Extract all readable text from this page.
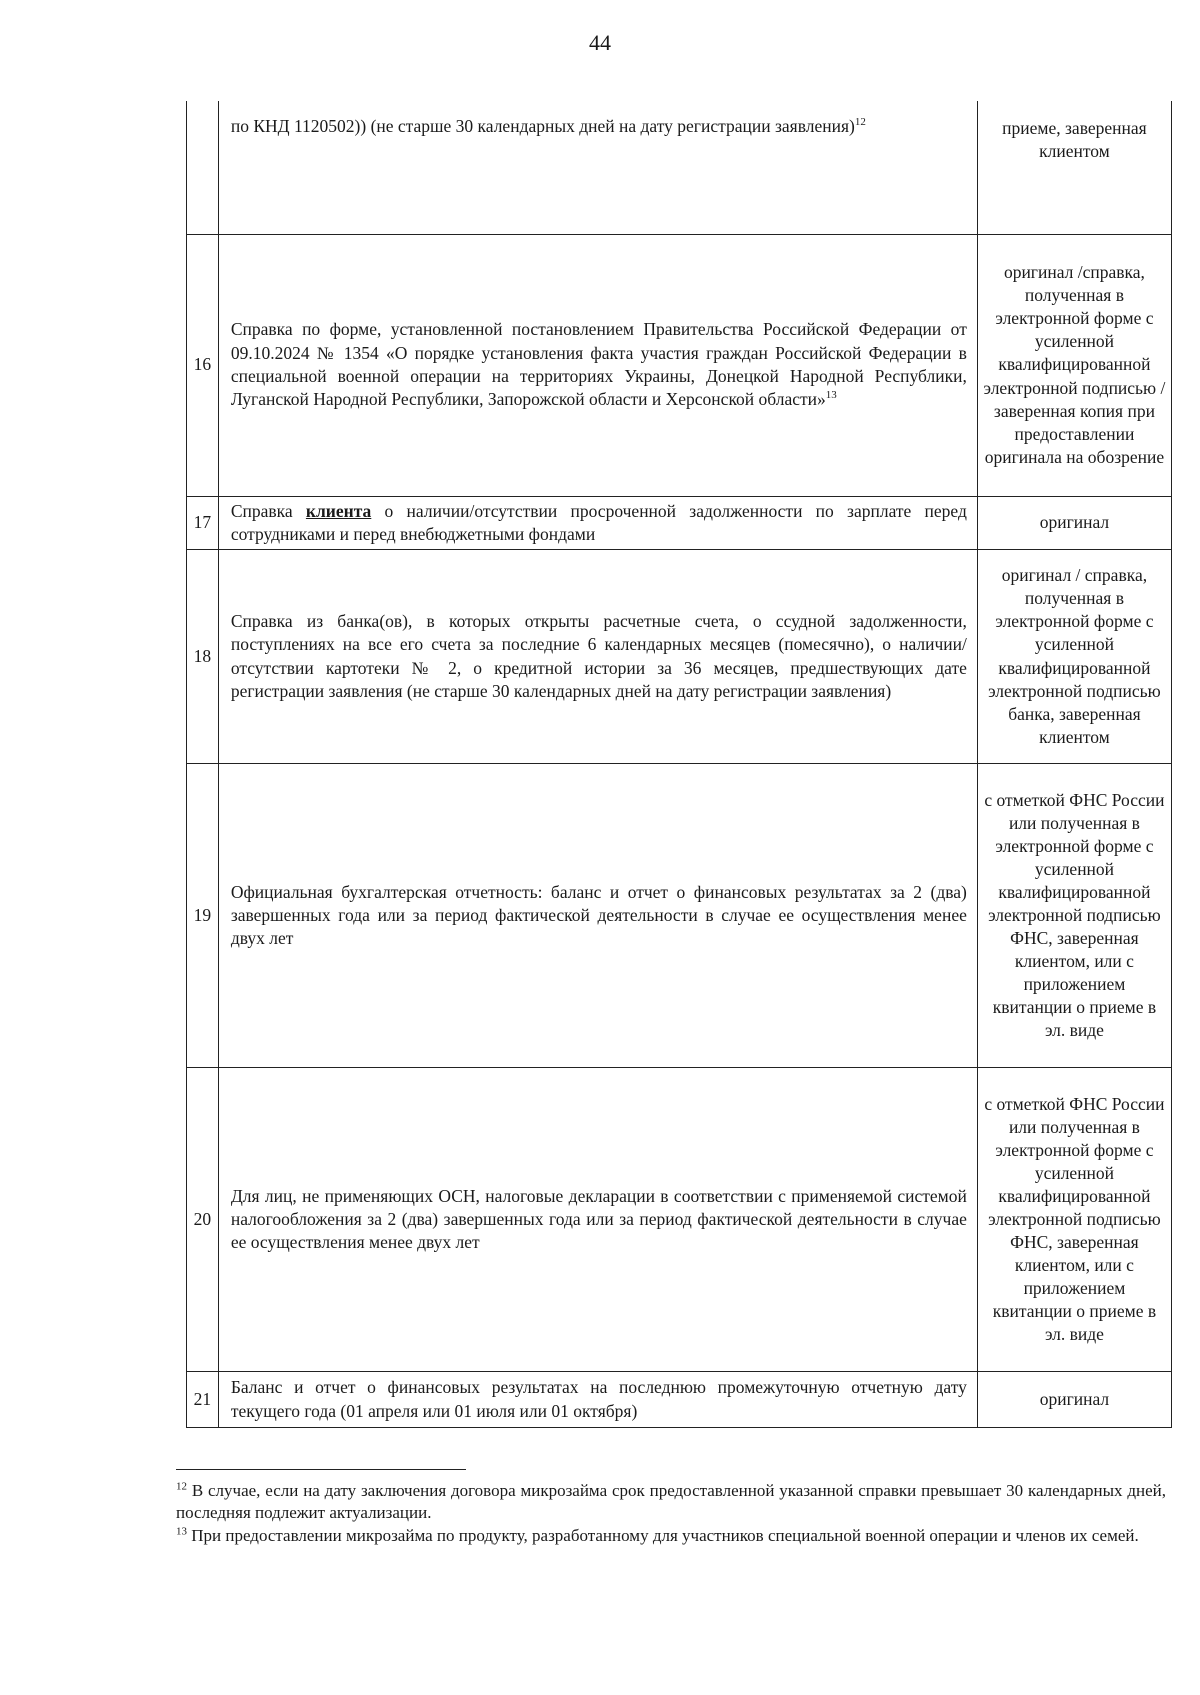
44
	по КНД 1120502)) (не старше 30 календарных дней на дату регистрации заявления)$^{12}$	приеме, заверенная клиентом
16	Справка по форме, установленной постановлением Правительства Российской Федерации от 09.10.2024 № 1354 «О порядке установления факта участия граждан Российской Федерации в специальной военной операции на территориях Украины, Донецкой Народной Республики, Луганской Народной Республики, Запорожской области и Херсонской области»$^{13}$	оригинал /справка, полученная в электронной форме с усиленной квалифицированной электронной подписью / заверенная копия при предоставлении оригинала на обозрение
17	Справка клиента о наличии/отсутствии просроченной задолженности по зарплате перед сотрудниками и перед внебюджетными фондами	оригинал
18	Справка из банка(ов), в которых открыты расчетные счета, о ссудной задолженности, поступлениях на все его счета за последние 6 календарных месяцев (помесячно), о наличии/отсутствии картотеки № 2, о кредитной истории за 36 месяцев, предшествующих дате регистрации заявления (не старше 30 календарных дней на дату регистрации заявления)	оригинал / справка, полученная в электронной форме с усиленной квалифицированной электронной подписью банка, заверенная клиентом
19	Официальная бухгалтерская отчетность: баланс и отчет о финансовых результатах за 2 (два) завершенных года или за период фактической деятельности в случае ее осуществления менее двух лет	с отметкой ФНС России или полученная в электронной форме с усиленной квалифицированной электронной подписью ФНС, заверенная клиентом, или с приложением квитанции о приеме в эл. виде
20	Для лиц, не применяющих ОСН, налоговые декларации в соответствии с применяемой системой налогообложения за 2 (два) завершенных года или за период фактической деятельности в случае ее осуществления менее двух лет	с отметкой ФНС России или полученная в электронной форме с усиленной квалифицированной электронной подписью ФНС, заверенная клиентом, или с приложением квитанции о приеме в эл. виде
21	Баланс и отчет о финансовых результатах на последнюю промежуточную отчетную дату текущего года (01 апреля или 01 июля или 01 октября)	оригинал

$^{12}$ В случае, если на дату заключения договора микрозайма срок предоставленной указанной справки превышает 30 календарных дней, последняя подлежит актуализации.

$^{13}$ При предоставлении микрозайма по продукту, разработанному для участников специальной военной операции и членов их семей.
